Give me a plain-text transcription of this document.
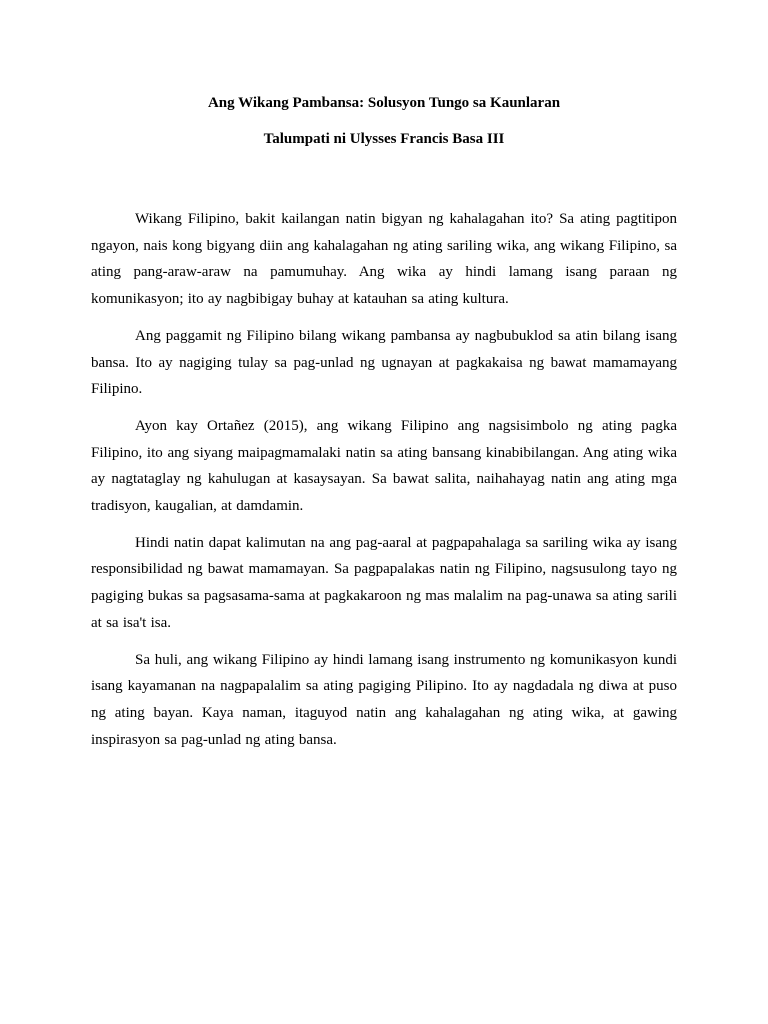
Ang Wikang Pambansa: Solusyon Tungo sa Kaunlaran
Talumpati ni Ulysses Francis Basa III

Wikang Filipino, bakit kailangan natin bigyan ng kahalagahan ito? Sa ating pagtitipon ngayon, nais kong bigyang diin ang kahalagahan ng ating sariling wika, ang wikang Filipino, sa ating pang-araw-araw na pamumuhay. Ang wika ay hindi lamang isang paraan ng komunikasyon; ito ay nagbibigay buhay at katauhan sa ating kultura.

Ang paggamit ng Filipino bilang wikang pambansa ay nagbubuklod sa atin bilang isang bansa. Ito ay nagiging tulay sa pag-unlad ng ugnayan at pagkakaisa ng bawat mamamayang Filipino.

Ayon kay Ortañez (2015), ang wikang Filipino ang nagsisimbolo ng ating pagka Filipino, ito ang siyang maipagmamalaki natin sa ating bansang kinabibilangan. Ang ating wika ay nagtataglay ng kahulugan at kasaysayan. Sa bawat salita, naihahayag natin ang ating mga tradisyon, kaugalian, at damdamin.

Hindi natin dapat kalimutan na ang pag-aaral at pagpapahalaga sa sariling wika ay isang responsibilidad ng bawat mamamayan. Sa pagpapalakas natin ng Filipino, nagsusulong tayo ng pagiging bukas sa pagsasama-sama at pagkakaroon ng mas malalim na pag-unawa sa ating sarili at sa isa't isa.

Sa huli, ang wikang Filipino ay hindi lamang isang instrumento ng komunikasyon kundi isang kayamanan na nagpapalalim sa ating pagiging Pilipino. Ito ay nagdadala ng diwa at puso ng ating bayan. Kaya naman, itaguyod natin ang kahalagahan ng ating wika, at gawing inspirasyon sa pag-unlad ng ating bansa.
